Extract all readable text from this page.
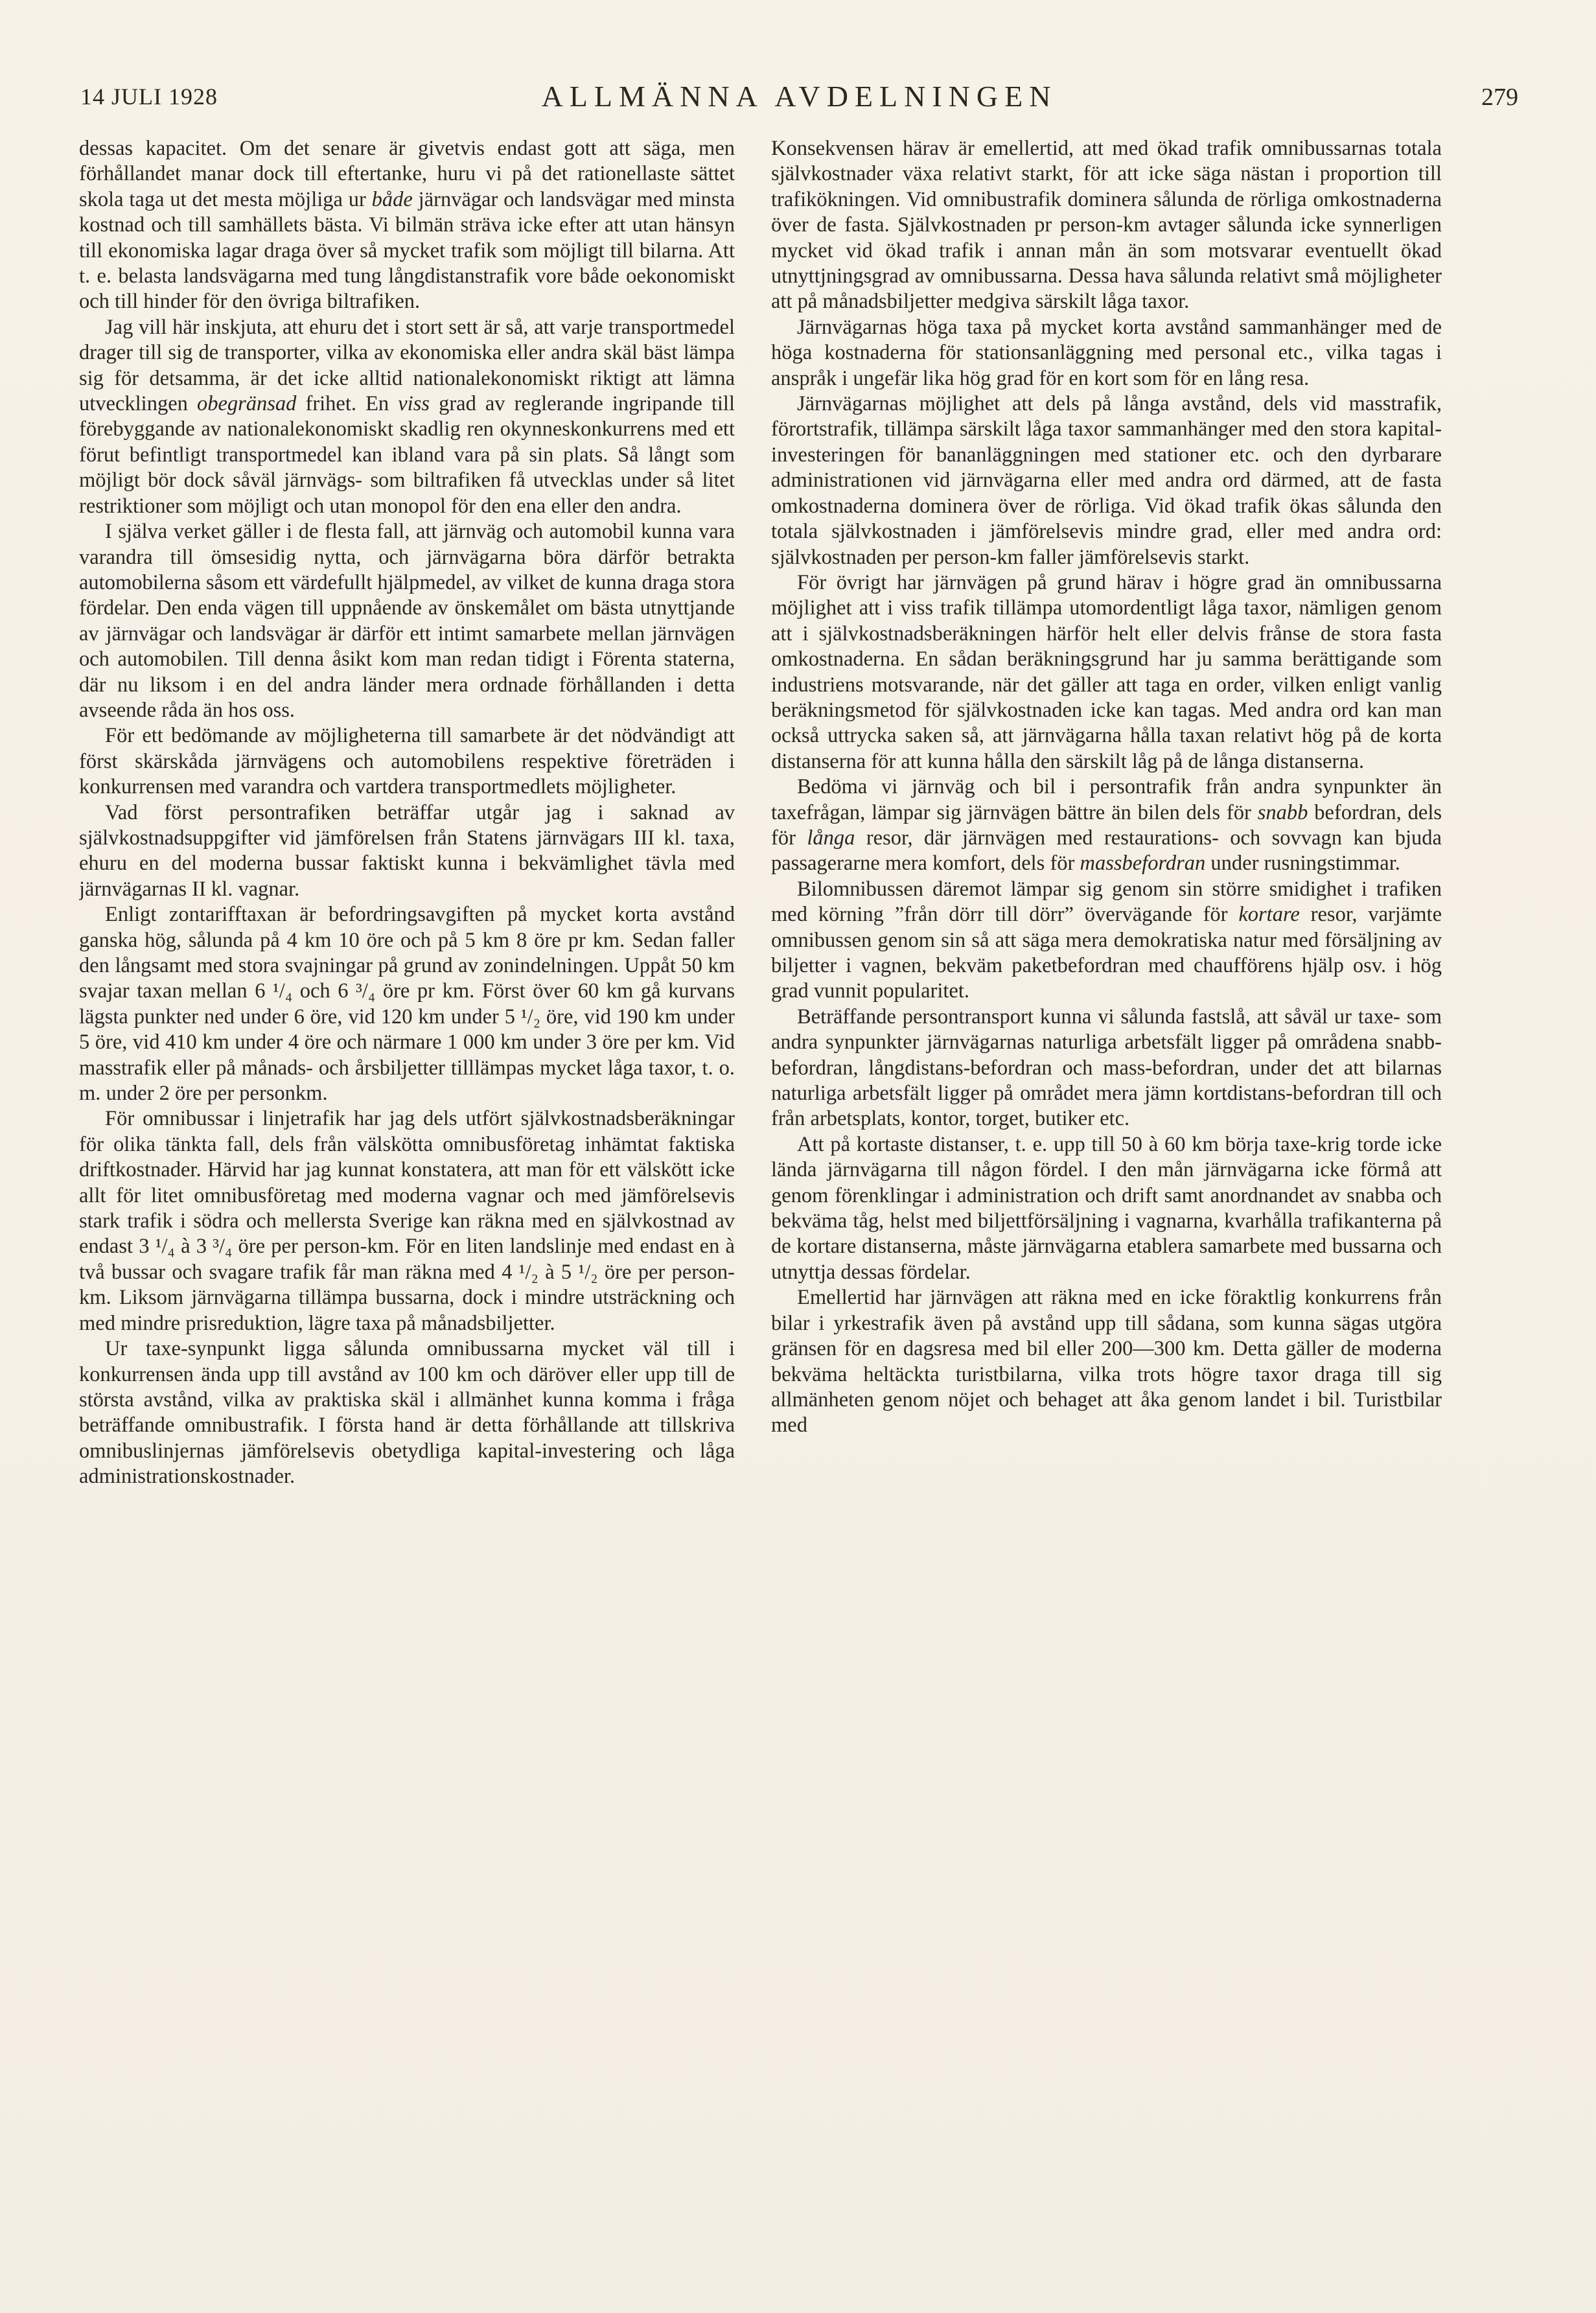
14 JULI 1928	ALLMÄNNA AVDELNINGEN	279

dessas kapacitet. Om det senare är givetvis endast gott att säga, men förhållandet manar dock till eftertanke, huru vi på det rationellaste sättet skola taga ut det mesta möjliga ur både järnvägar och landsvägar med minsta kostnad och till samhällets bästa. Vi bilmän sträva icke efter att utan hänsyn till ekonomiska lagar draga över så mycket trafik som möjligt till bilarna. Att t. e. belasta landsvägarna med tung långdistanstrafik vore både oekonomiskt och till hinder för den övriga biltrafiken.

Jag vill här inskjuta, att ehuru det i stort sett är så, att varje transportmedel drager till sig de transporter, vilka av ekonomiska eller andra skäl bäst lämpa sig för detsamma, är det icke alltid nationalekonomiskt riktigt att lämna utvecklingen obegränsad frihet. En viss grad av reglerande ingripande till förebyggande av nationalekonomiskt skadlig ren okynneskonkurrens med ett förut befintligt transportmedel kan ibland vara på sin plats. Så långt som möjligt bör dock såväl järnvägs- som biltrafiken få utvecklas under så litet restriktioner som möjligt och utan monopol för den ena eller den andra.

I själva verket gäller i de flesta fall, att järnväg och automobil kunna vara varandra till ömsesidig nytta, och järnvägarna böra därför betrakta automobilerna såsom ett värdefullt hjälpmedel, av vilket de kunna draga stora fördelar. Den enda vägen till uppnående av önskemålet om bästa utnyttjande av järnvägar och landsvägar är därför ett intimt samarbete mellan järnvägen och automobilen. Till denna åsikt kom man redan tidigt i Förenta staterna, där nu liksom i en del andra länder mera ordnade förhållanden i detta avseende råda än hos oss.

För ett bedömande av möjligheterna till samarbete är det nödvändigt att först skärskåda järnvägens och automobilens respektive företräden i konkurrensen med varandra och vartdera transportmedlets möjligheter.

Vad först persontrafiken beträffar utgår jag i saknad av självkostnadsuppgifter vid jämförelsen från Statens järnvägars III kl. taxa, ehuru en del moderna bussar faktiskt kunna i bekvämlighet tävla med järnvägarnas II kl. vagnar.

Enligt zontarifftaxan är befordringsavgiften på mycket korta avstånd ganska hög, sålunda på 4 km 10 öre och på 5 km 8 öre pr km. Sedan faller den långsamt med stora svajningar på grund av zonindelningen. Uppåt 50 km svajar taxan mellan 6 ¹/₄ och 6 ³/₄ öre pr km. Först över 60 km gå kurvans lägsta punkter ned under 6 öre, vid 120 km under 5 ¹/₂ öre, vid 190 km under 5 öre, vid 410 km under 4 öre och närmare 1 000 km under 3 öre per km. Vid masstrafik eller på månads- och årsbiljetter tilllämpas mycket låga taxor, t. o. m. under 2 öre per personkm.

För omnibussar i linjetrafik har jag dels utfört självkostnadsberäkningar för olika tänkta fall, dels från välskötta omnibusföretag inhämtat faktiska driftkostnader. Härvid har jag kunnat konstatera, att man för ett välskött icke allt för litet omnibusföretag med moderna vagnar och med jämförelsevis stark trafik i södra och mellersta Sverige kan räkna med en självkostnad av endast 3 ¹/₄ à 3 ³/₄ öre per person-km. För en liten landslinje med endast en à två bussar och svagare trafik får man räkna med 4 ¹/₂ à 5 ¹/₂ öre per person-km. Liksom järnvägarna tillämpa bussarna, dock i mindre utsträckning och med mindre prisreduktion, lägre taxa på månadsbiljetter.

Ur taxe-synpunkt ligga sålunda omnibussarna mycket väl till i konkurrensen ända upp till avstånd av 100 km och däröver eller upp till de största avstånd, vilka av praktiska skäl i allmänhet kunna komma i fråga beträffande omnibustrafik. I första hand är detta förhållande att tillskriva omnibuslinjernas jämförelsevis obetydliga kapital-investering och låga administrationskostnader.

Konsekvensen härav är emellertid, att med ökad trafik omnibussarnas totala självkostnader växa relativt starkt, för att icke säga nästan i proportion till trafikökningen. Vid omnibustrafik dominera sålunda de rörliga omkostnaderna över de fasta. Självkostnaden pr person-km avtager sålunda icke synnerligen mycket vid ökad trafik i annan mån än som motsvarar eventuellt ökad utnyttjningsgrad av omnibussarna. Dessa hava sålunda relativt små möjligheter att på månadsbiljetter medgiva särskilt låga taxor.

Järnvägarnas höga taxa på mycket korta avstånd sammanhänger med de höga kostnaderna för stationsanläggning med personal etc., vilka tagas i anspråk i ungefär lika hög grad för en kort som för en lång resa.

Järnvägarnas möjlighet att dels på långa avstånd, dels vid masstrafik, förortstrafik, tillämpa särskilt låga taxor sammanhänger med den stora kapital-investeringen för bananläggningen med stationer etc. och den dyrbarare administrationen vid järnvägarna eller med andra ord därmed, att de fasta omkostnaderna dominera över de rörliga. Vid ökad trafik ökas sålunda den totala självkostnaden i jämförelsevis mindre grad, eller med andra ord: självkostnaden per person-km faller jämförelsevis starkt.

För övrigt har järnvägen på grund härav i högre grad än omnibussarna möjlighet att i viss trafik tillämpa utomordentligt låga taxor, nämligen genom att i självkostnadsberäkningen härför helt eller delvis frånse de stora fasta omkostnaderna. En sådan beräkningsgrund har ju samma berättigande som industriens motsvarande, när det gäller att taga en order, vilken enligt vanlig beräkningsmetod för självkostnaden icke kan tagas. Med andra ord kan man också uttrycka saken så, att järnvägarna hålla taxan relativt hög på de korta distanserna för att kunna hålla den särskilt låg på de långa distanserna.

Bedöma vi järnväg och bil i persontrafik från andra synpunkter än taxefrågan, lämpar sig järnvägen bättre än bilen dels för snabb befordran, dels för långa resor, där järnvägen med restaurations- och sovvagn kan bjuda passagerarne mera komfort, dels för massbefordran under rusningstimmar.

Bilomnibussen däremot lämpar sig genom sin större smidighet i trafiken med körning ”från dörr till dörr” övervägande för kortare resor, varjämte omnibussen genom sin så att säga mera demokratiska natur med försäljning av biljetter i vagnen, bekväm paketbefordran med chaufförens hjälp osv. i hög grad vunnit popularitet.

Beträffande persontransport kunna vi sålunda fastslå, att såväl ur taxe- som andra synpunkter järnvägarnas naturliga arbetsfält ligger på områdena snabb-befordran, långdistans-befordran och mass-befordran, under det att bilarnas naturliga arbetsfält ligger på området mera jämn kortdistans-befordran till och från arbetsplats, kontor, torget, butiker etc.

Att på kortaste distanser, t. e. upp till 50 à 60 km börja taxe-krig torde icke lända järnvägarna till någon fördel. I den mån järnvägarna icke förmå att genom förenklingar i administration och drift samt anordnandet av snabba och bekväma tåg, helst med biljettförsäljning i vagnarna, kvarhålla trafikanterna på de kortare distanserna, måste järnvägarna etablera samarbete med bussarna och utnyttja dessas fördelar.

Emellertid har järnvägen att räkna med en icke föraktlig konkurrens från bilar i yrkestrafik även på avstånd upp till sådana, som kunna sägas utgöra gränsen för en dagsresa med bil eller 200—300 km. Detta gäller de moderna bekväma heltäckta turistbilarna, vilka trots högre taxor draga till sig allmänheten genom nöjet och behaget att åka genom landet i bil. Turistbilar med
